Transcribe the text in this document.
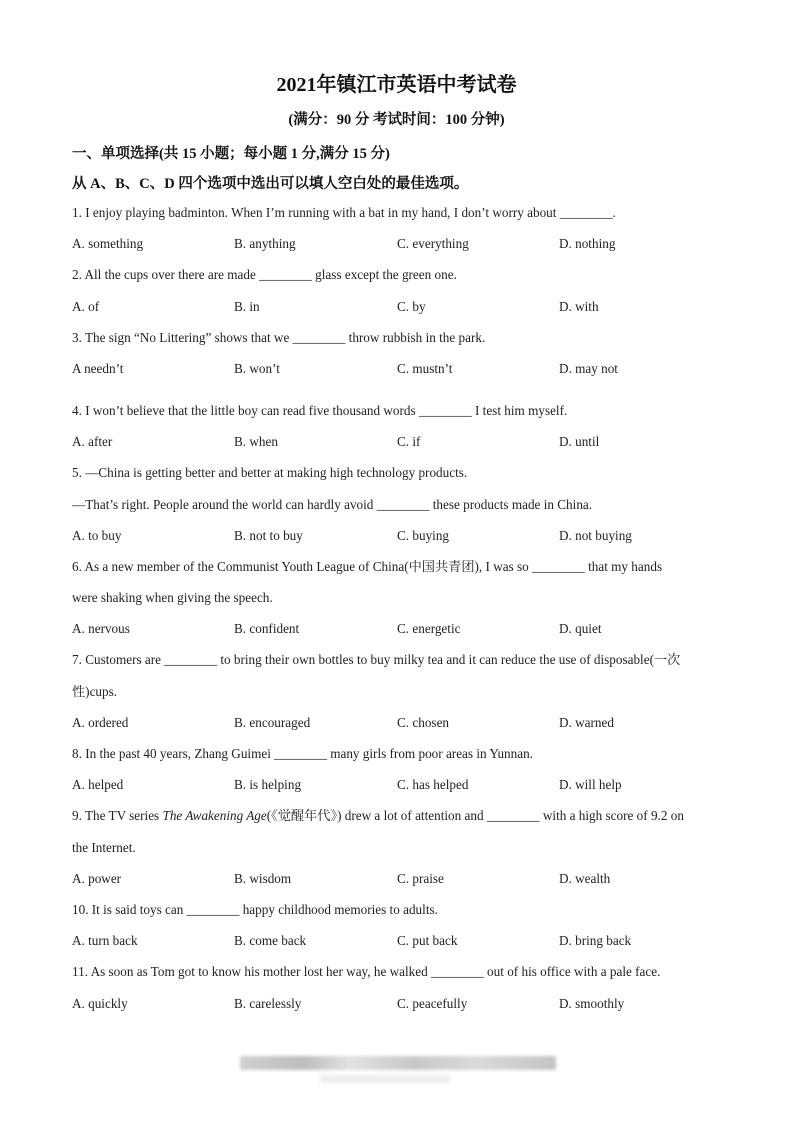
2021年镇江市英语中考试卷
(满分：90 分 考试时间：100 分钟)
一、单项选择(共 15 小题；每小题 1 分,满分 15 分)
从 A、B、C、D 四个选项中选出可以填人空白处的最佳选项。
1. I enjoy playing badminton. When I’m running with a bat in my hand, I don’t worry about ________.
A. something	B. anything	C. everything	D. nothing
2. All the cups over there are made ________ glass except the green one.
A. of	B. in	C. by	D. with
3. The sign “No Littering” shows that we ________ throw rubbish in the park.
A needn’t	B. won’t	C. mustn’t	D. may not
4. I won’t believe that the little boy can read five thousand words ________ I test him myself.
A. after	B. when	C. if	D. until
5. —China is getting better and better at making high technology products.
—That’s right. People around the world can hardly avoid ________ these products made in China.
A. to buy	B. not to buy	C. buying	D. not buying
6. As a new member of the Communist Youth League of China(中国共青团), I was so ________ that my hands
were shaking when giving the speech.
A. nervous	B. confident	C. energetic	D. quiet
7. Customers are ________ to bring their own bottles to buy milky tea and it can reduce the use of disposable(一次
性)cups.
A. ordered	B. encouraged	C. chosen	D. warned
8. In the past 40 years, Zhang Guimei ________ many girls from poor areas in Yunnan.
A. helped	B. is helping	C. has helped	D. will help
9. The TV series The Awakening Age(《觉醒年代》) drew a lot of attention and ________ with a high score of 9.2 on
the Internet.
A. power	B. wisdom	C. praise	D. wealth
10. It is said toys can ________ happy childhood memories to adults.
A. turn back	B. come back	C. put back	D. bring back
11. As soon as Tom got to know his mother lost her way, he walked ________ out of his office with a pale face.
A. quickly	B. carelessly	C. peacefully	D. smoothly
